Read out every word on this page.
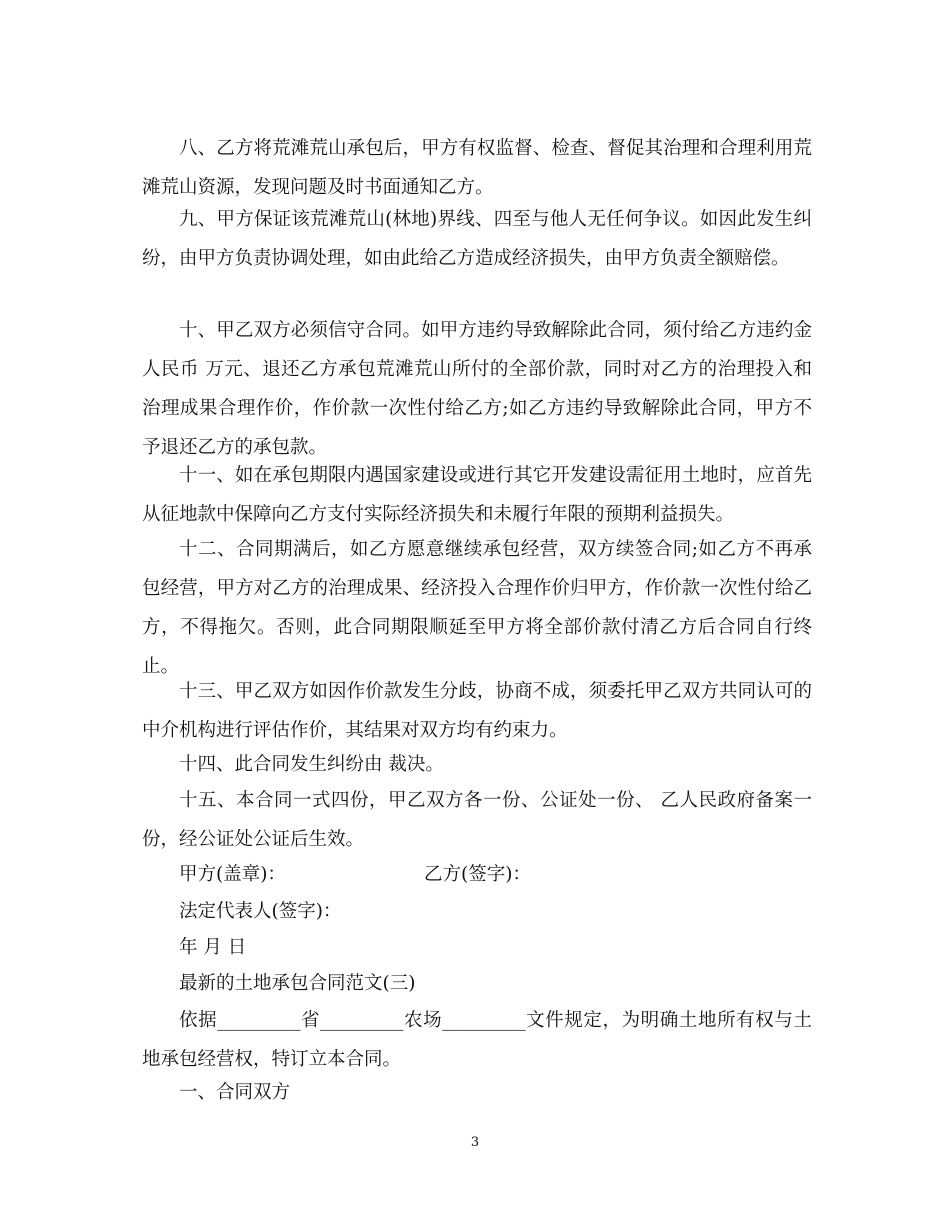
八、乙方将荒滩荒山承包后，甲方有权监督、检查、督促其治理和合理利用荒滩荒山资源，发现问题及时书面通知乙方。

九、甲方保证该荒滩荒山(林地)界线、四至与他人无任何争议。如因此发生纠纷，由甲方负责协调处理，如由此给乙方造成经济损失，由甲方负责全额赔偿。

十、甲乙双方必须信守合同。如甲方违约导致解除此合同，须付给乙方违约金人民币 万元、退还乙方承包荒滩荒山所付的全部价款，同时对乙方的治理投入和治理成果合理作价，作价款一次性付给乙方;如乙方违约导致解除此合同，甲方不予退还乙方的承包款。

十一、如在承包期限内遇国家建设或进行其它开发建设需征用土地时，应首先从征地款中保障向乙方支付实际经济损失和未履行年限的预期利益损失。

十二、合同期满后，如乙方愿意继续承包经营，双方续签合同;如乙方不再承包经营，甲方对乙方的治理成果、经济投入合理作价归甲方，作价款一次性付给乙方，不得拖欠。否则，此合同期限顺延至甲方将全部价款付清乙方后合同自行终止。

十三、甲乙双方如因作价款发生分歧，协商不成，须委托甲乙双方共同认可的中介机构进行评估作价，其结果对双方均有约束力。

十四、此合同发生纠纷由 裁决。

十五、本合同一式四份，甲乙双方各一份、公证处一份、 乙人民政府备案一份，经公证处公证后生效。

甲方(盖章)：	乙方(签字)：
法定代表人(签字)：
年 月 日
最新的土地承包合同范文(三)

依据_________省_________农场_________文件规定，为明确土地所有权与土地承包经营权，特订立本合同。

一、合同双方
3
